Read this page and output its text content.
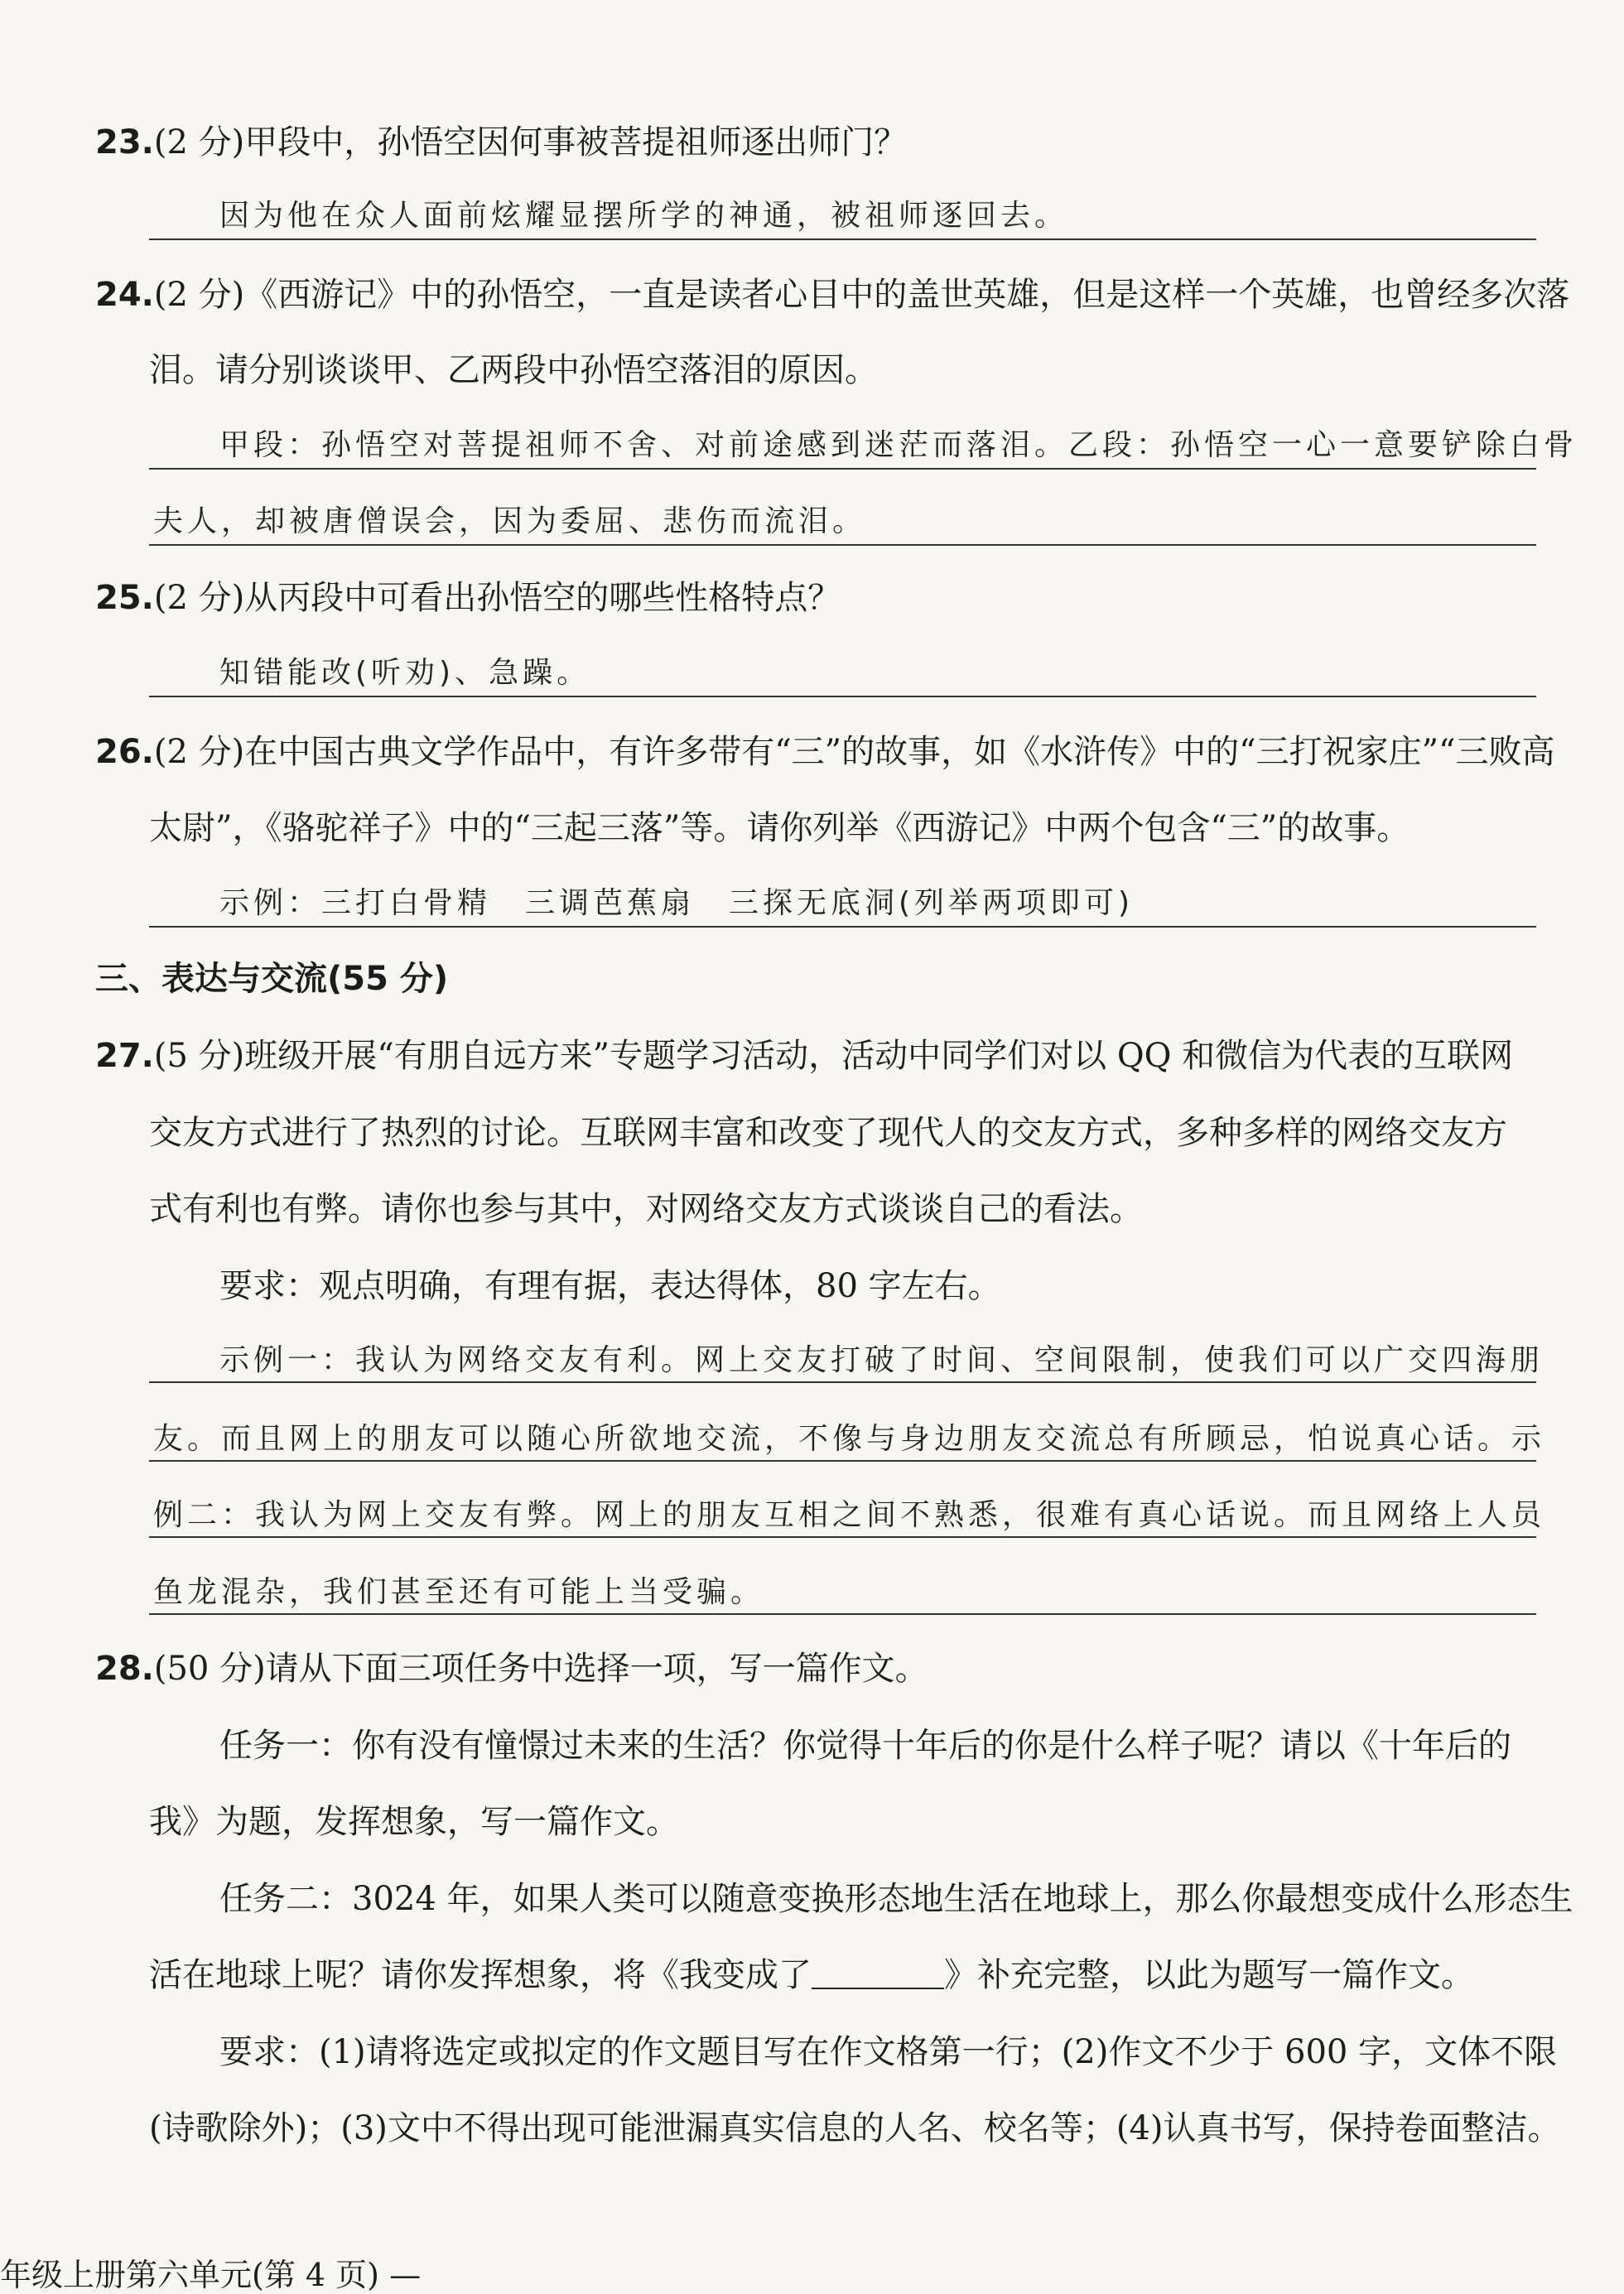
23.(2 分)甲段中，孙悟空因何事被菩提祖师逐出师门？
因为他在众人面前炫耀显摆所学的神通，被祖师逐回去。
24.(2 分)《西游记》中的孙悟空，一直是读者心目中的盖世英雄，但是这样一个英雄，也曾经多次落
泪。请分别谈谈甲、乙两段中孙悟空落泪的原因。
甲段：孙悟空对菩提祖师不舍、对前途感到迷茫而落泪。乙段：孙悟空一心一意要铲除白骨
夫人，却被唐僧误会，因为委屈、悲伤而流泪。
25.(2 分)从丙段中可看出孙悟空的哪些性格特点？
知错能改(听劝)、急躁。
26.(2 分)在中国古典文学作品中，有许多带有“三”的故事，如《水浒传》中的“三打祝家庄”“三败高
太尉”，《骆驼祥子》中的“三起三落”等。请你列举《西游记》中两个包含“三”的故事。
示例：三打白骨精　三调芭蕉扇　三探无底洞(列举两项即可)
三、表达与交流(55 分)
27.(5 分)班级开展“有朋自远方来”专题学习活动，活动中同学们对以 QQ 和微信为代表的互联网
交友方式进行了热烈的讨论。互联网丰富和改变了现代人的交友方式，多种多样的网络交友方
式有利也有弊。请你也参与其中，对网络交友方式谈谈自己的看法。
要求：观点明确，有理有据，表达得体，80 字左右。
示例一：我认为网络交友有利。网上交友打破了时间、空间限制，使我们可以广交四海朋
友。而且网上的朋友可以随心所欲地交流，不像与身边朋友交流总有所顾忌，怕说真心话。示
例二：我认为网上交友有弊。网上的朋友互相之间不熟悉，很难有真心话说。而且网络上人员
鱼龙混杂，我们甚至还有可能上当受骗。
28.(50 分)请从下面三项任务中选择一项，写一篇作文。
任务一：你有没有憧憬过未来的生活？你觉得十年后的你是什么样子呢？请以《十年后的
我》为题，发挥想象，写一篇作文。
任务二：3024 年，如果人类可以随意变换形态地生活在地球上，那么你最想变成什么形态生
活在地球上呢？请你发挥想象，将《我变成了	》补充完整，以此为题写一篇作文。
要求：(1)请将选定或拟定的作文题目写在作文格第一行；(2)作文不少于 600 字，文体不限
(诗歌除外)；(3)文中不得出现可能泄漏真实信息的人名、校名等；(4)认真书写，保持卷面整洁。
年级上册第六单元(第 4 页) —
